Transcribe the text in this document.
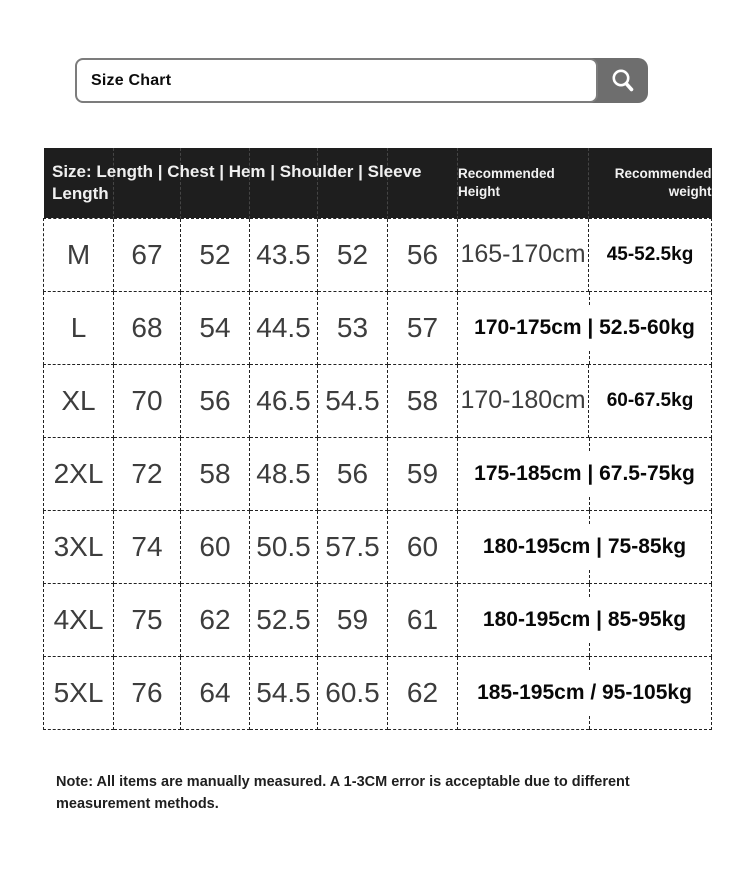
Size Chart
Size: Length | Chest | Hem | Shoulder | Sleeve Length
						Recommended Height	Recommended weight
M	67	52	43.5	52	56	165-170cm	45-52.5kg
L	68	54	44.5	53	57	170-175cm | 52.5-60kg	
XL	70	56	46.5	54.5	58	170-180cm	60-67.5kg
2XL	72	58	48.5	56	59	175-185cm | 67.5-75kg	
3XL	74	60	50.5	57.5	60	180-195cm | 75-85kg	
4XL	75	62	52.5	59	61	180-195cm | 85-95kg	
5XL	76	64	54.5	60.5	62	185-195cm / 95-105kg	
Note: All items are manually measured. A 1-3CM error is acceptable due to different measurement methods.
